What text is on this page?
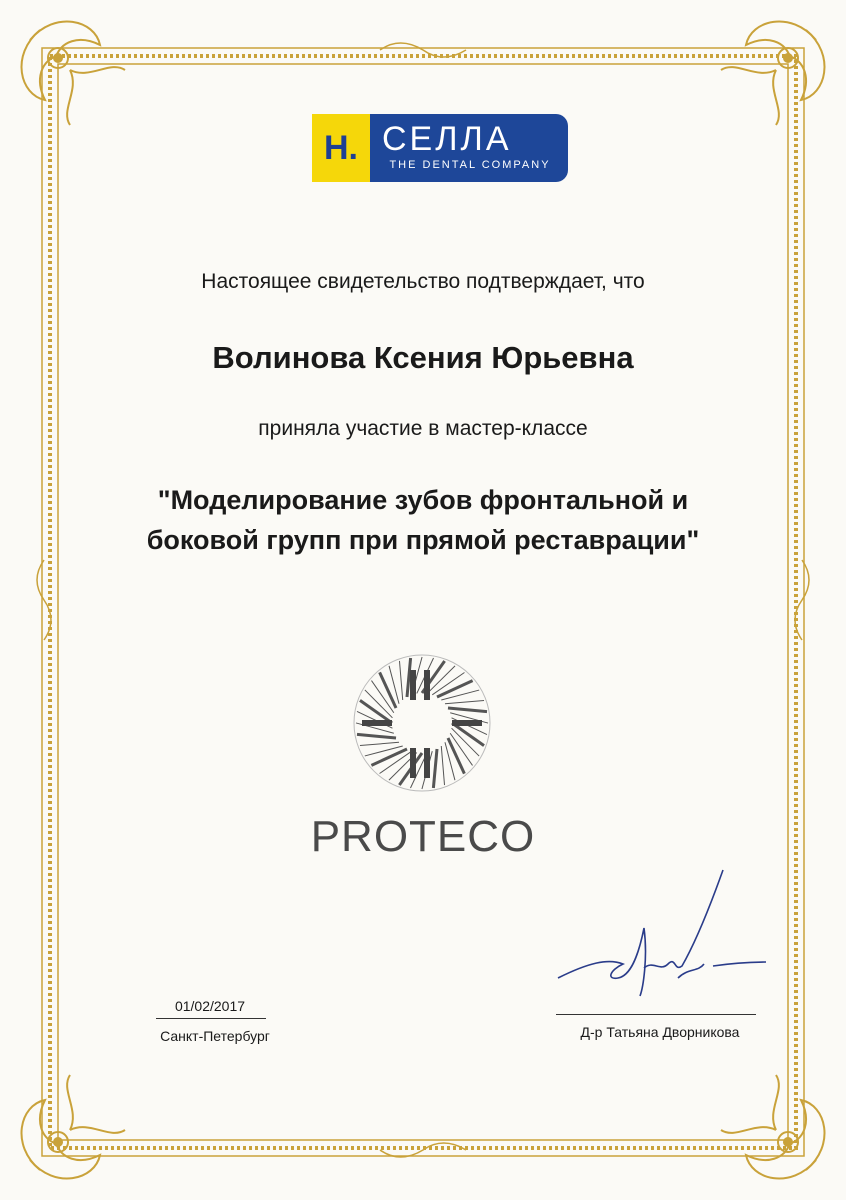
Н. СЕЛЛА
THE DENTAL COMPANY
Настоящее свидетельство подтверждает, что
Волинова Ксения Юрьевна
приняла участие в мастер-классе
"Моделирование зубов фронтальной и
боковой групп при прямой реставрации"
PROTECO
01/02/2017
Санкт-Петербург	Д-р Татьяна Дворникова
